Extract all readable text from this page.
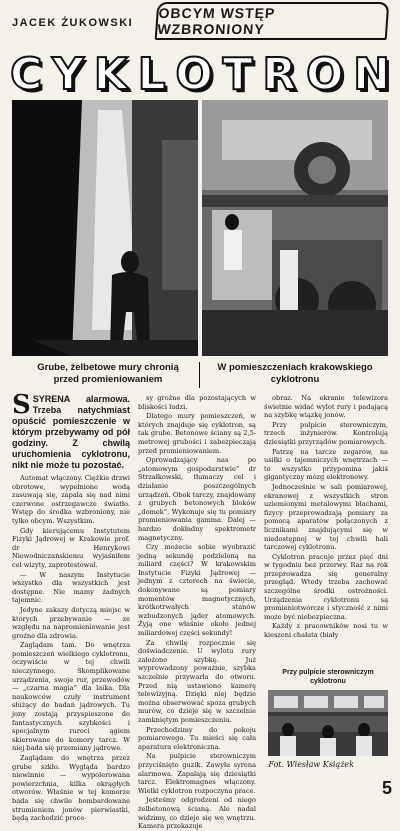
JACEK ŻUKOWSKI
OBCYM WSTĘP WZBRONIONY
C Y K L O T R O N
Grube, żelbetowe mury chronią przed promieniowaniem
W pomieszczeniach krakowskiego cyklotronu

SSYRENA alarmowa. Trzeba natychmiast opuścić pomieszczenie w którym przebywamy od pół godziny. Z chwilą uruchomienia cyklotronu, nikt nie może tu pozostać.

Automat włączony. Ciężkie drzwi obrotowe, wypełnione wodą zasuwają się, zapala się nad nimi czerwone ostrzegawcze światło. Wstęp do środka wzbroniony, nie tylko obcym. Wszystkim.

Gdy kierującemu Instytutem Fizyki Jądrowej w Krakowie prof. dr Henrykowi Niewodniczańskiemu wyjaśniłem cel wizyty, zaprotestował.

— W naszym Instytucie wszystko dla wszystkich jest dostępne. Nie mamy żadnych tajemnic.

Jedyne zakazy dotyczą miejsc w których przebywanie — ze względu na napromieniowanie jest groźne dla zdrowia.

Zaglądam tam. Do wnętrza pomieszczeń wielkiego cyklotronu, oczywiście w tej chwili nieczynnego. Skomplikowane urządzenia, swoje rur, przewodów — „czarna magia” dla laika. Dla naukowców czuły instrument służący do badań jądrowych. Tu jony zostają przyspieszone do fantastycznych szybkości i specjalnym ruroci ągiem skierowane do komory tarcz. W niej bada się przemiany jądrowe.

Zaglądam do wnętrza przez grube szkło. Wygląda bardzo niewinnie — wypolerowana powierzchnia, kilka okrągłych otworów. Właśnie w tej komorze bada się chwile bombardowane strumieniem jonów pierwiastki, będą zachodzić proce-

sy groźne dla pozostających w bliskości ludzi.

Dlatego mury pomieszczeń, w których znajduje się cyklotron, są tak grube. Betonowe ściany są 2,5-metrowej grubości i zabezpieczają przed promieniowaniem.

Oprowadzający nas po „atomowym gospodarstwie” dr Strzałkowski, tłumaczy cel i działanie poszczególnych urządzeń. Obok tarczy, znajdowany z grubych betonowych bloków „domek”. Wykonuje się tu pomiary promieniowania gamma. Dalej — bardzo dokładny spektrometr magnetyczny.

Czy możecie sobie wyobrazić jedną sekundę podzieloną na miliard części? W krakowskim Instytucie Fizyki Jądrowej — jednym z czterech na świecie, dokonywane są pomiary momentów magnetycznych, krótkotrwałych stanów wzbudzonych jąder atomowych. Żyją one właśnie około jednej miliardowej części sekundy!

Za chwilę rozpocznie się doświadczenie. U wylotu rury założono szybkę. Już wyprowadzony poważnie, szybka szczelnie przywarła do otworu. Przed nią ustawiono kamerę telewizyjną. Dzięki niej będzie można obserwować spoza grubych murów, co dzieje się w szczelnie zamkniętym pomieszczeniu.

Przechodzimy do pokoju pomiarowego. Tu mieści się cała aparatura elektroniczna.

Na pulpicie sterowniczym przyciśnięto guzik. Zawyła syrena alarmowa. Zapalają się dziesiątki tarcz. Elektromagnes włączony. Wielki cyklotron rozpoczyna prace.

Jesteśmy odgrodzeni od niego żelbetonową ścianą. Ale nadal widzimy, co dzieje się we wnętrzu. Kamera przekazuje

obraz. Na ekranie telewizora świetnie widać wylot rury i padającą na szybkę wiązkę jonów.

Przy pulpicie sterowniczym, trzech inżynierów. Kontrolują dziesiątki przyrządów pomiarowych.

Patrzę na tarcze zegarów, na usiłki o tajemniczych wnętrzach — to wszystko przypomina jakiś gigantyczny mózg elektronowy.

Jednocześnie w sali pomiarowej, ekranowej z wszystkich stron uziemionymi metalowymi blachami, fizycy przeprowadzają pomiary za pomocą aparatów połączonych z licznikami znajdującymi się w niedostępnej w tej chwili hali tarczowej cyklotronu.

Cyklotron pracuje przez pięć dni w tygodniu bez przerwy. Raz na rok przeprowadza się generalny przegląd. Wtedy trzeba zachować szczególne środki ostrożności. Urządzenia cyklotronu są promieniotwórcze i styczność z nimi może być niebezpieczna.

Każdy z pracowników nosi tu w kieszeni chałata (biały

Przy pulpicie sterowniczym cyklotronu
Fot. Wiesław Książek
5
